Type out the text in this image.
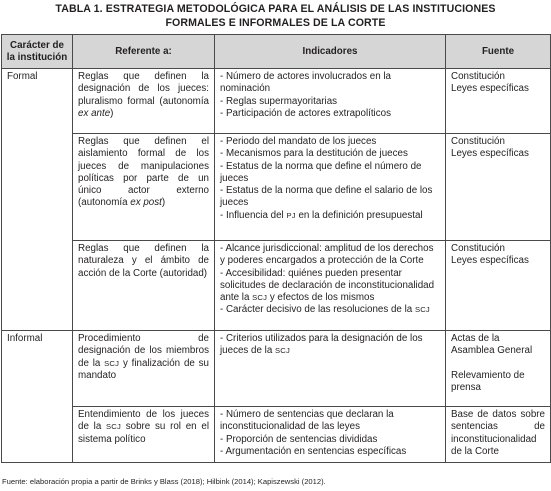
TABLA 1. ESTRATEGIA METODOLÓGICA PARA EL ANÁLISIS DE LAS INSTITUCIONES
FORMALES E INFORMALES DE LA CORTE
Carácter de la institución	Referente a:	Indicadores	Fuente
Formal	Reglas que definen la designación de los jueces: pluralismo formal (autonomía ex ante)	- Número de actores involucrados en la nominación
- Reglas supermayoritarias
- Participación de actores extrapolíticos	Constitución
Leyes específicas

	Reglas que definen el aislamiento formal de los jueces de manipulaciones políticas por parte de un único actor externo (autonomía ex post)	- Periodo del mandato de los jueces
- Mecanismos para la destitución de jueces
- Estatus de la norma que define el número de jueces
- Estatus de la norma que define el salario de los jueces
- Influencia del PJ en la definición presupuestal	Constitución
Leyes específicas

	Reglas que definen la naturaleza y el ámbito de acción de la Corte (autoridad)	- Alcance jurisdiccional: amplitud de los derechos y poderes encargados a protección de la Corte
- Accesibilidad: quiénes pueden presentar solicitudes de declaración de inconstitucionalidad ante la SCJ y efectos de los mismos
- Carácter decisivo de las resoluciones de la SCJ	Constitución
Leyes específicas

Informal	Procedimiento de designación de los miembros de la SCJ y finalización de su mandato	- Criterios utilizados para la designación de los jueces de la SCJ	Actas de la Asamblea General
Relevamiento de prensa

	Entendimiento de los jueces de la SCJ sobre su rol en el sistema político	- Número de sentencias que declaran la inconstitucionalidad de las leyes
- Proporción de sentencias divididas
- Argumentación en sentencias específicas	Base de datos sobre sentencias de inconstitucionalidad de la Corte
Fuente: elaboración propia a partir de Brinks y Blass (2018); Hilbink (2014); Kapiszewski (2012).
